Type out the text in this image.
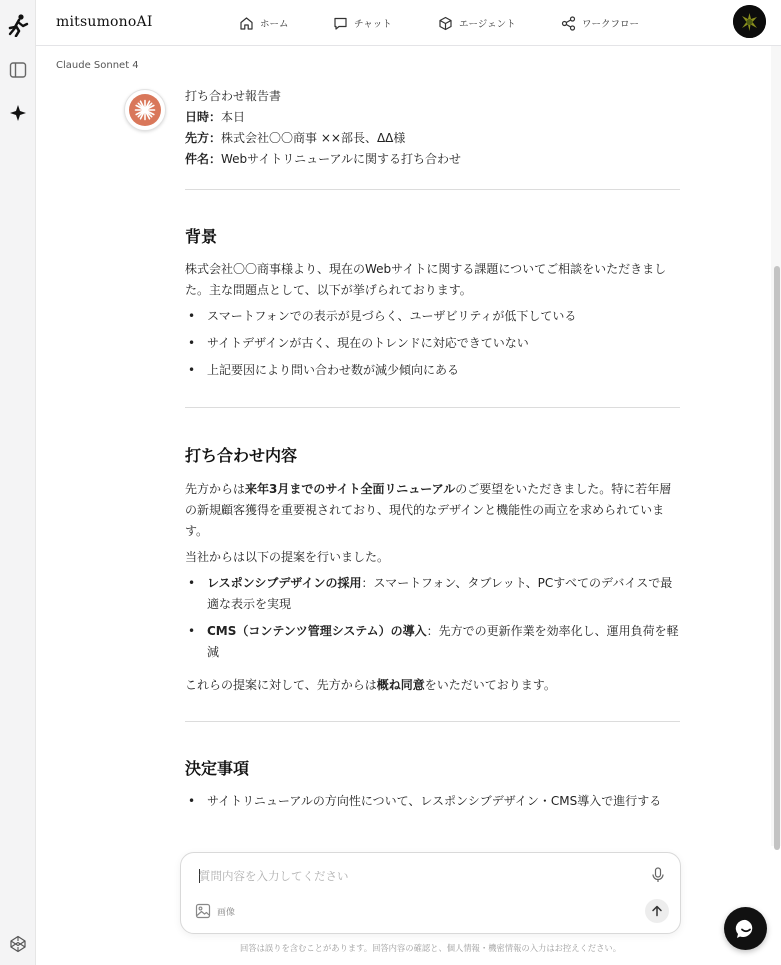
mitsumonoAI	ホーム	チャット	エージェント	ワークフロー
Claude Sonnet 4

打ち合わせ報告書

日時：本日

先方：株式会社〇〇商事 ××部長、ΔΔ様

件名：Webサイトリニューアルに関する打ち合わせ

背景

株式会社〇〇商事様より、現在のWebサイトに関する課題についてご相談をいただきました。主な問題点として、以下が挙げられております。

• スマートフォンでの表示が見づらく、ユーザビリティが低下している
• サイトデザインが古く、現在のトレンドに対応できていない
• 上記要因により問い合わせ数が減少傾向にある
打ち合わせ内容

先方からは来年3月までのサイト全面リニューアルのご要望をいただきました。特に若年層の新規顧客獲得を重要視されており、現代的なデザインと機能性の両立を求められています。

当社からは以下の提案を行いました。

• レスポンシブデザインの採用：スマートフォン、タブレット、PCすべてのデバイスで最適な表示を実現
• CMS（コンテンツ管理システム）の導入：先方での更新作業を効率化し、運用負荷を軽減

これらの提案に対して、先方からは概ね同意をいただいております。

決定事項
• サイトリニューアルの方向性について、レスポンシブデザイン・CMS導入で進行する
質問内容を入力してください
画像
回答は誤りを含むことがあります。回答内容の確認と、個人情報・機密情報の入力はお控えください。
